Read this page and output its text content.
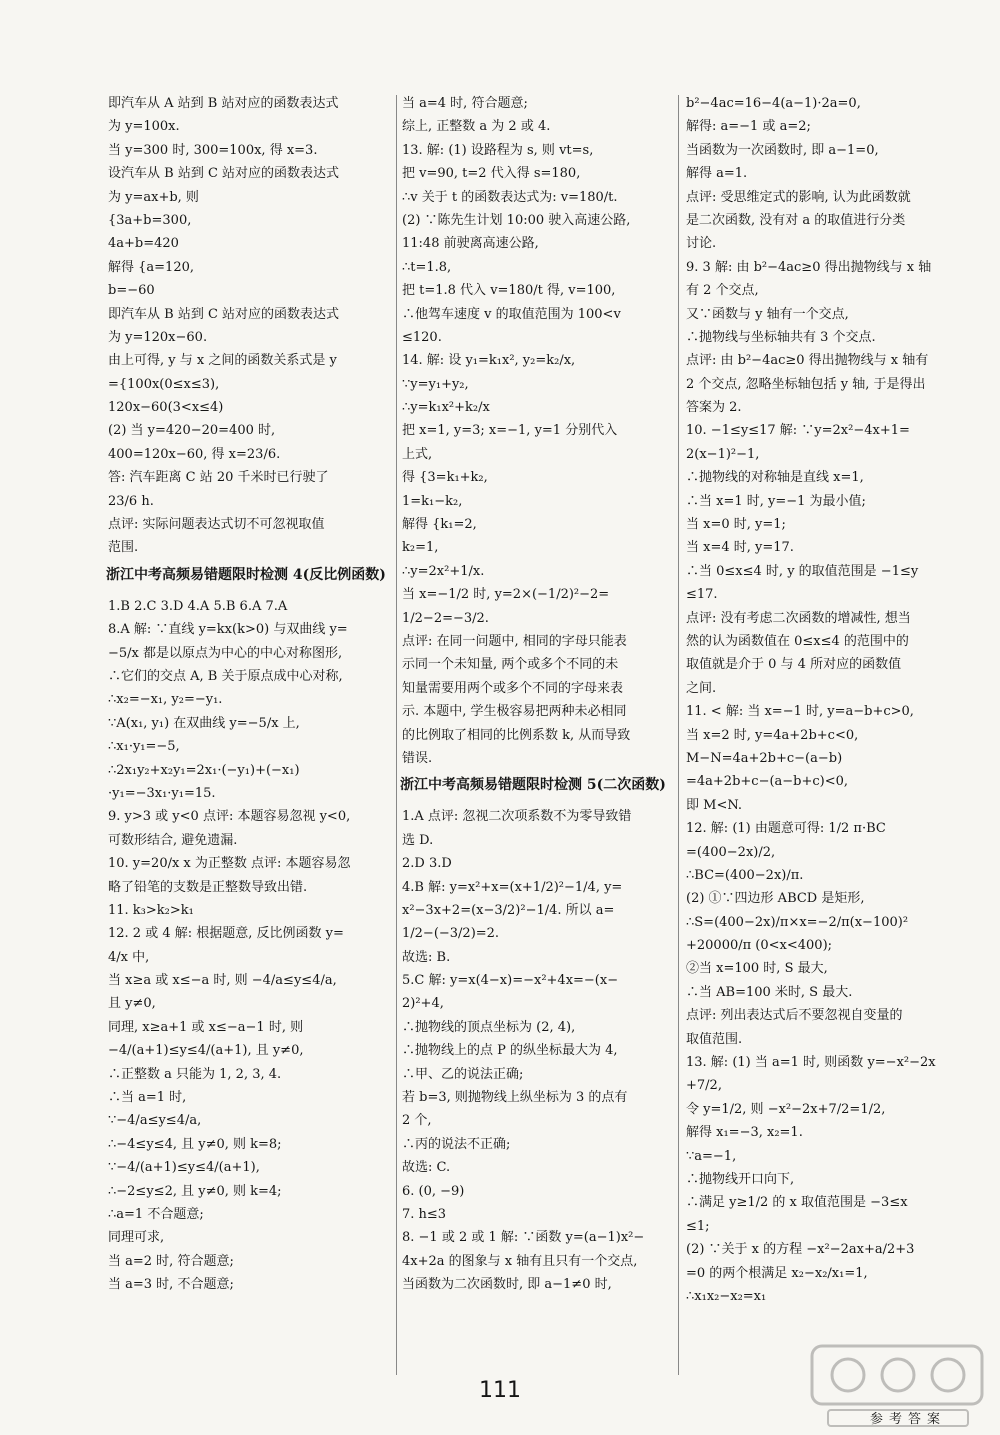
即汽车从 A 站到 B 站对应的函数表达式
为 y=100x.
当 y=300 时, 300=100x, 得 x=3.
设汽车从 B 站到 C 站对应的函数表达式
为 y=ax+b, 则
{3a+b=300,
4a+b=420
解得 {a=120,
b=−60
即汽车从 B 站到 C 站对应的函数表达式
为 y=120x−60.
由上可得, y 与 x 之间的函数关系式是 y
={100x(0≤x≤3),
120x−60(3<x≤4)
(2) 当 y=420−20=400 时,
400=120x−60, 得 x=23/6.
答: 汽车距离 C 站 20 千米时已行驶了
23/6 h.
点评: 实际问题表达式切不可忽视取值
范围.
浙江中考高频易错题限时检测 4(反比例函数)
1.B 2.C 3.D 4.A 5.B 6.A 7.A
8.A 解: ∵直线 y=kx(k>0) 与双曲线 y=
−5/x 都是以原点为中心的中心对称图形,
∴它们的交点 A, B 关于原点成中心对称,
∴x₂=−x₁, y₂=−y₁.
∵A(x₁, y₁) 在双曲线 y=−5/x 上,
∴x₁·y₁=−5,
∴2x₁y₂+x₂y₁=2x₁·(−y₁)+(−x₁)
·y₁=−3x₁·y₁=15.
9. y>3 或 y<0 点评: 本题容易忽视 y<0,
可数形结合, 避免遗漏.
10. y=20/x x 为正整数 点评: 本题容易忽
略了铅笔的支数是正整数导致出错.
11. k₃>k₂>k₁
12. 2 或 4 解: 根据题意, 反比例函数 y=
4/x 中,
当 x≥a 或 x≤−a 时, 则 −4/a≤y≤4/a,
且 y≠0,
同理, x≥a+1 或 x≤−a−1 时, 则
−4/(a+1)≤y≤4/(a+1), 且 y≠0,
∴正整数 a 只能为 1, 2, 3, 4.
∴当 a=1 时,
∵−4/a≤y≤4/a,
∴−4≤y≤4, 且 y≠0, 则 k=8;
∵−4/(a+1)≤y≤4/(a+1),
∴−2≤y≤2, 且 y≠0, 则 k=4;
∴a=1 不合题意;
同理可求,
当 a=2 时, 符合题意;
当 a=3 时, 不合题意;
当 a=4 时, 符合题意;
综上, 正整数 a 为 2 或 4.
13. 解: (1) 设路程为 s, 则 vt=s,
把 v=90, t=2 代入得 s=180,
∴v 关于 t 的函数表达式为: v=180/t.
(2) ∵陈先生计划 10:00 驶入高速公路,
11:48 前驶离高速公路,
∴t=1.8,
把 t=1.8 代入 v=180/t 得, v=100,
∴他驾车速度 v 的取值范围为 100<v
≤120.
14. 解: 设 y₁=k₁x², y₂=k₂/x,
∵y=y₁+y₂,
∴y=k₁x²+k₂/x
把 x=1, y=3; x=−1, y=1 分别代入
上式,
得 {3=k₁+k₂,
1=k₁−k₂,
解得 {k₁=2,
k₂=1,
∴y=2x²+1/x.
当 x=−1/2 时, y=2×(−1/2)²−2=
1/2−2=−3/2.
点评: 在同一问题中, 相同的字母只能表
示同一个未知量, 两个或多个不同的未
知量需要用两个或多个不同的字母来表
示. 本题中, 学生极容易把两种未必相同
的比例取了相同的比例系数 k, 从而导致
错误.
浙江中考高频易错题限时检测 5(二次函数)
1.A 点评: 忽视二次项系数不为零导致错
选 D.
2.D 3.D
4.B 解: y=x²+x=(x+1/2)²−1/4, y=
x²−3x+2=(x−3/2)²−1/4. 所以 a=
1/2−(−3/2)=2.
故选: B.
5.C 解: y=x(4−x)=−x²+4x=−(x−
2)²+4,
∴抛物线的顶点坐标为 (2, 4),
∴抛物线上的点 P 的纵坐标最大为 4,
∴甲、乙的说法正确;
若 b=3, 则抛物线上纵坐标为 3 的点有
2 个,
∴丙的说法不正确;
故选: C.
6. (0, −9)
7. h≤3
8. −1 或 2 或 1 解: ∵函数 y=(a−1)x²−
4x+2a 的图象与 x 轴有且只有一个交点,
当函数为二次函数时, 即 a−1≠0 时,
b²−4ac=16−4(a−1)·2a=0,
解得: a=−1 或 a=2;
当函数为一次函数时, 即 a−1=0,
解得 a=1.
点评: 受思维定式的影响, 认为此函数就
是二次函数, 没有对 a 的取值进行分类
讨论.
9. 3 解: 由 b²−4ac≥0 得出抛物线与 x 轴
有 2 个交点,
又∵函数与 y 轴有一个交点,
∴抛物线与坐标轴共有 3 个交点.
点评: 由 b²−4ac≥0 得出抛物线与 x 轴有
2 个交点, 忽略坐标轴包括 y 轴, 于是得出
答案为 2.
10. −1≤y≤17 解: ∵y=2x²−4x+1=
2(x−1)²−1,
∴抛物线的对称轴是直线 x=1,
∴当 x=1 时, y=−1 为最小值;
当 x=0 时, y=1;
当 x=4 时, y=17.
∴当 0≤x≤4 时, y 的取值范围是 −1≤y
≤17.
点评: 没有考虑二次函数的增减性, 想当
然的认为函数值在 0≤x≤4 的范围中的
取值就是介于 0 与 4 所对应的函数值
之间.
11. < 解: 当 x=−1 时, y=a−b+c>0,
当 x=2 时, y=4a+2b+c<0,
M−N=4a+2b+c−(a−b)
=4a+2b+c−(a−b+c)<0,
即 M<N.
12. 解: (1) 由题意可得: 1/2 π·BC
=(400−2x)/2,
∴BC=(400−2x)/π.
(2) ①∵四边形 ABCD 是矩形,
∴S=(400−2x)/π×x=−2/π(x−100)²
+20000/π (0<x<400);
②当 x=100 时, S 最大,
∴当 AB=100 米时, S 最大.
点评: 列出表达式后不要忽视自变量的
取值范围.
13. 解: (1) 当 a=1 时, 则函数 y=−x²−2x
+7/2,
令 y=1/2, 则 −x²−2x+7/2=1/2,
解得 x₁=−3, x₂=1.
∵a=−1,
∴抛物线开口向下,
∴满足 y≥1/2 的 x 取值范围是 −3≤x
≤1;
(2) ∵关于 x 的方程 −x²−2ax+a/2+3
=0 的两个根满足 x₂−x₂/x₁=1,
∴x₁x₂−x₂=x₁
111
参考答案
